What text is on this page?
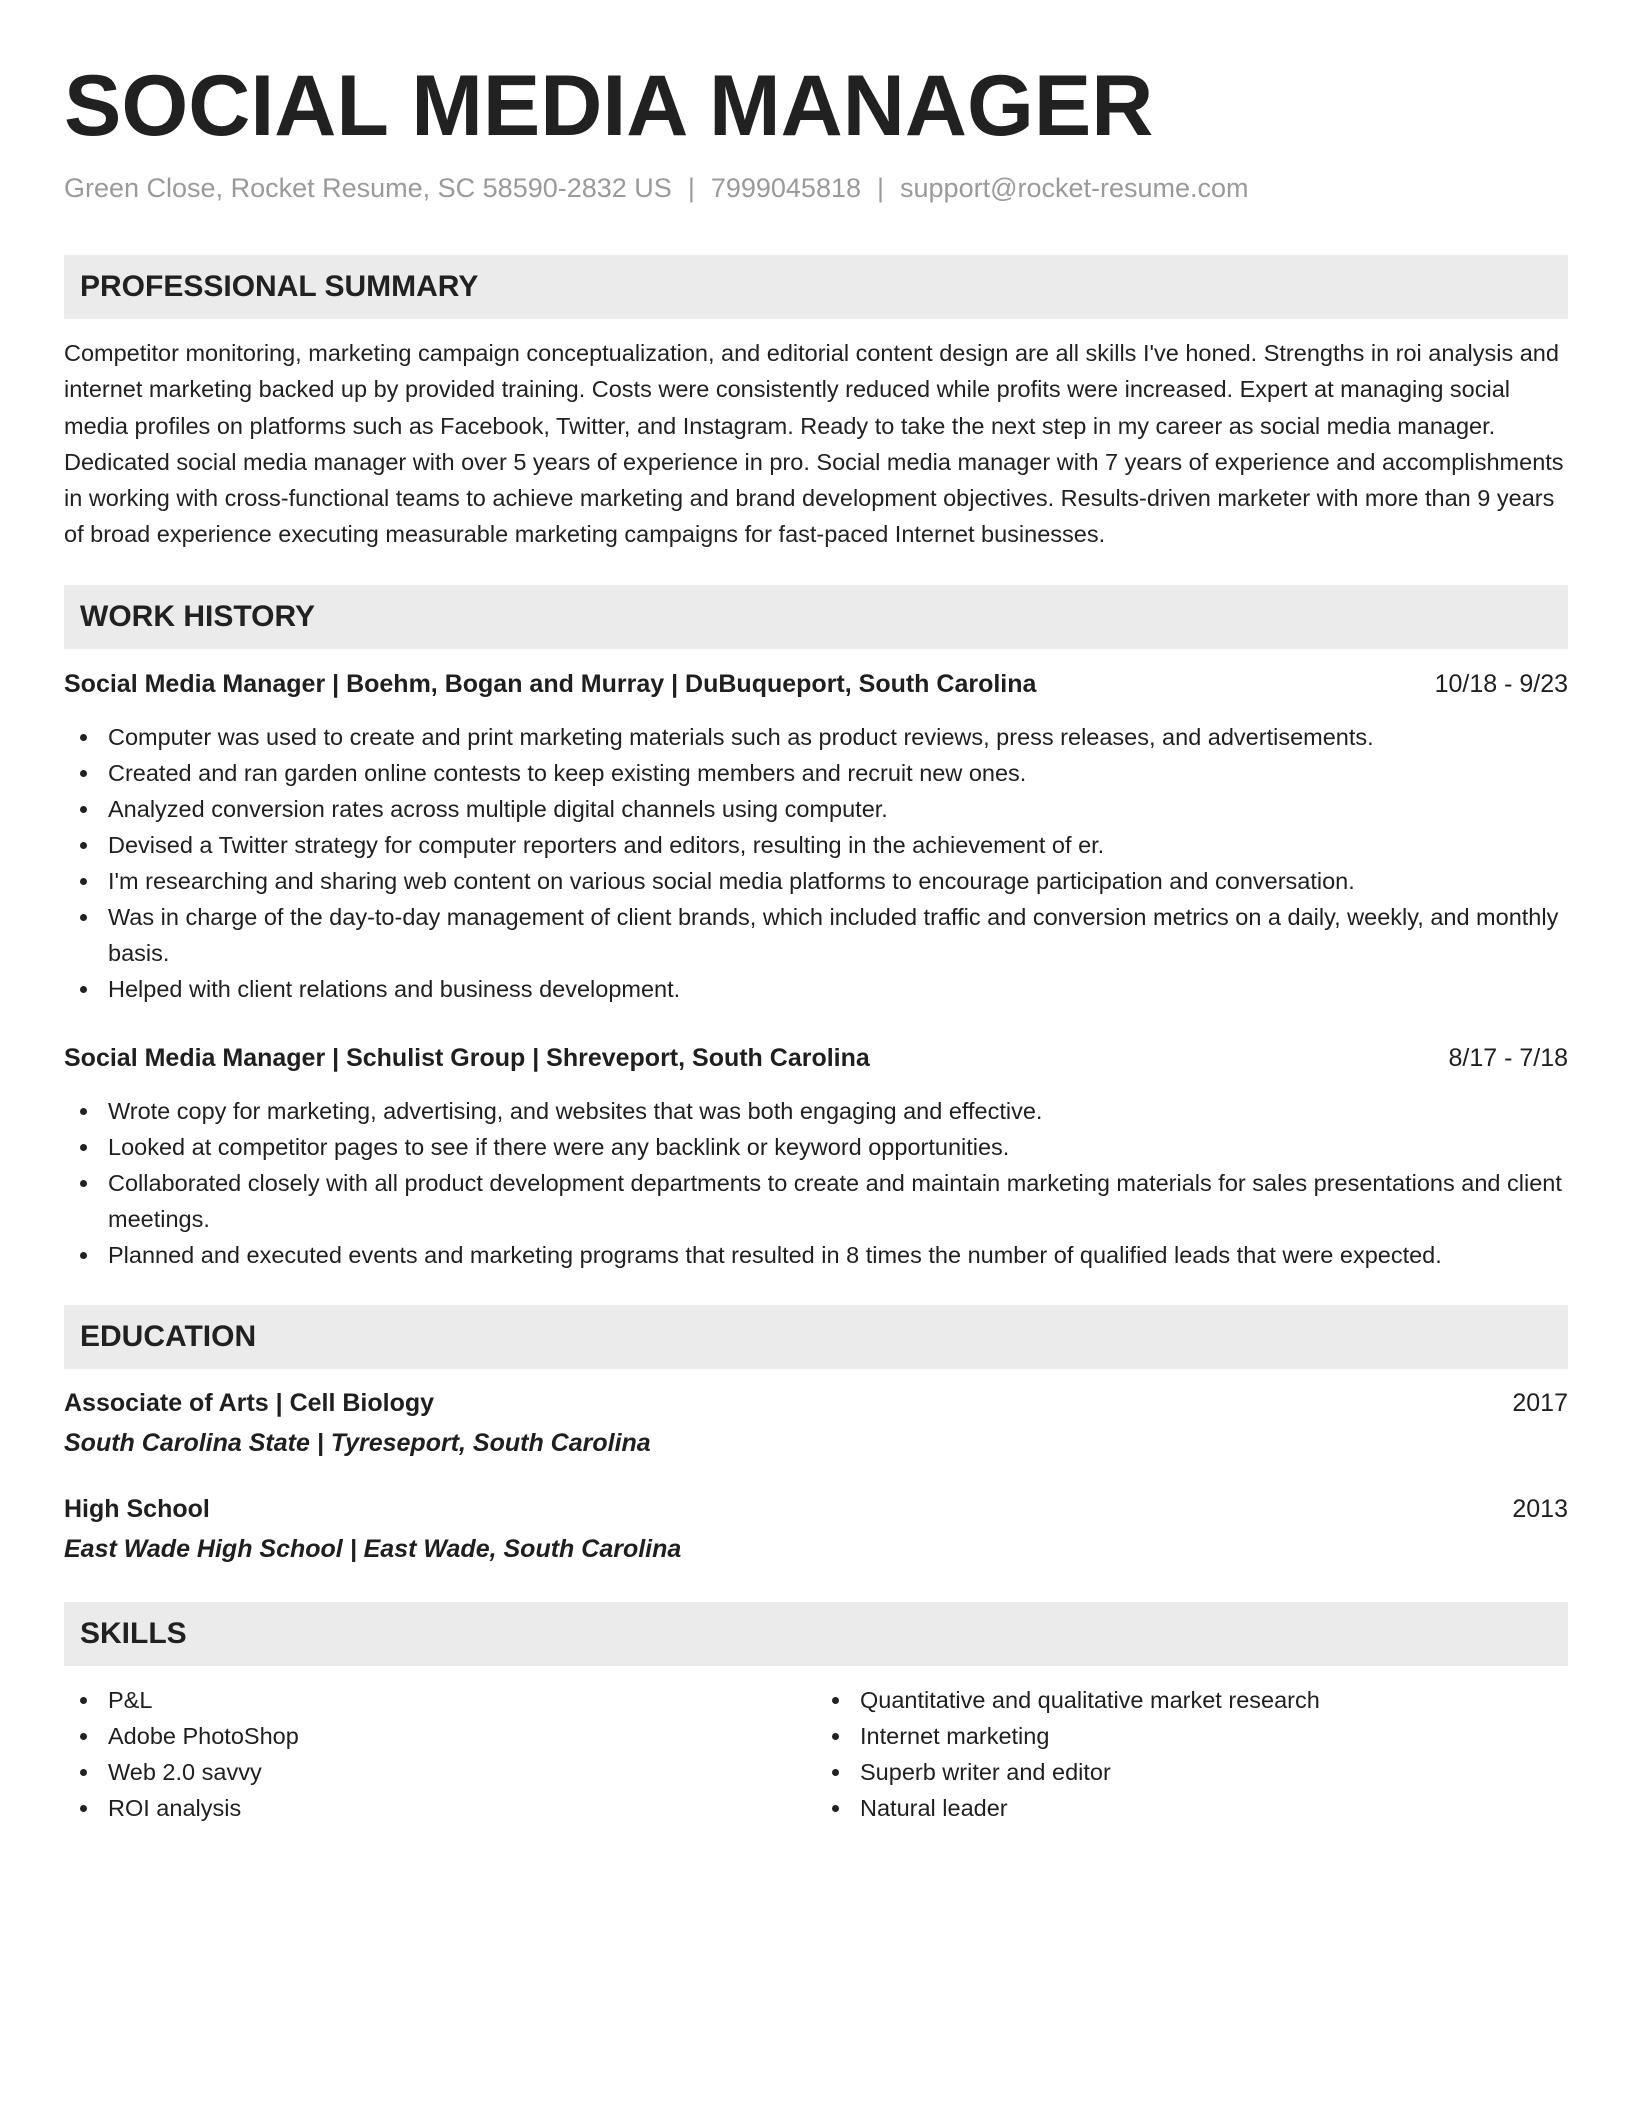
SOCIAL MEDIA MANAGER
Green Close, Rocket Resume, SC 58590-2832 US | 7999045818 | support@rocket-resume.com
PROFESSIONAL SUMMARY

Competitor monitoring, marketing campaign conceptualization, and editorial content design are all skills I've honed. Strengths in roi analysis and internet marketing backed up by provided training. Costs were consistently reduced while profits were increased. Expert at managing social media profiles on platforms such as Facebook, Twitter, and Instagram. Ready to take the next step in my career as social media manager. Dedicated social media manager with over 5 years of experience in pro. Social media manager with 7 years of experience and accomplishments in working with cross-functional teams to achieve marketing and brand development objectives. Results-driven marketer with more than 9 years of broad experience executing measurable marketing campaigns for fast-paced Internet businesses.

WORK HISTORY
Social Media Manager | Boehm, Bogan and Murray | DuBuqueport, South Carolina	10/18 - 9/23
Computer was used to create and print marketing materials such as product reviews, press releases, and advertisements.
Created and ran garden online contests to keep existing members and recruit new ones.
Analyzed conversion rates across multiple digital channels using computer.
Devised a Twitter strategy for computer reporters and editors, resulting in the achievement of er.
I'm researching and sharing web content on various social media platforms to encourage participation and conversation.
Was in charge of the day-to-day management of client brands, which included traffic and conversion metrics on a daily, weekly, and monthly basis.
Helped with client relations and business development.
Social Media Manager | Schulist Group | Shreveport, South Carolina	8/17 - 7/18
Wrote copy for marketing, advertising, and websites that was both engaging and effective.
Looked at competitor pages to see if there were any backlink or keyword opportunities.
Collaborated closely with all product development departments to create and maintain marketing materials for sales presentations and client meetings.
Planned and executed events and marketing programs that resulted in 8 times the number of qualified leads that were expected.
EDUCATION
Associate of Arts | Cell Biology	2017
South Carolina State | Tyreseport, South Carolina
High School	2013
East Wade High School | East Wade, South Carolina
SKILLS
P&L
Adobe PhotoShop
Web 2.0 savvy
ROI analysis
Quantitative and qualitative market research
Internet marketing
Superb writer and editor
Natural leader
